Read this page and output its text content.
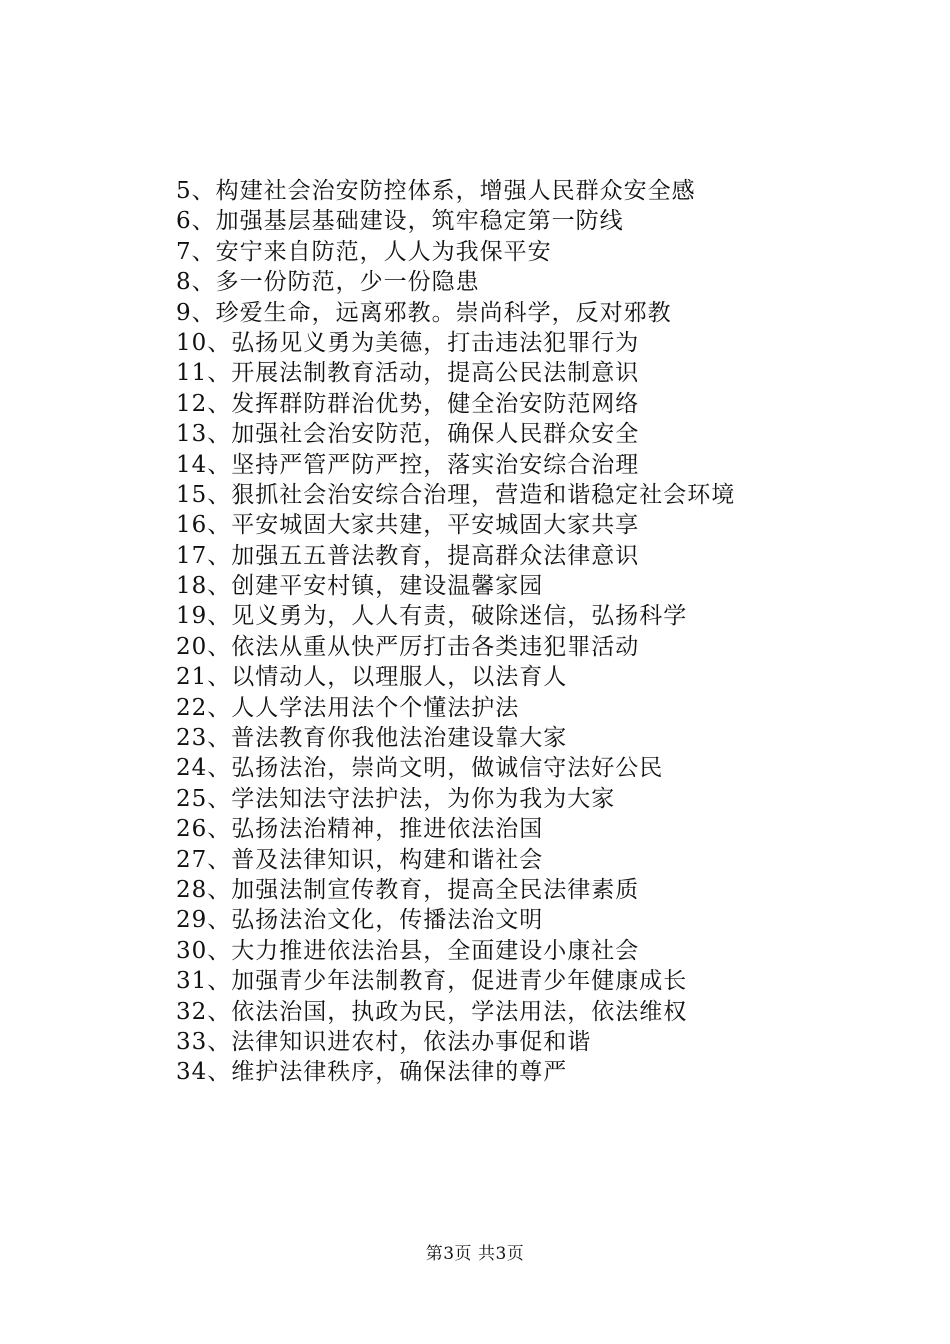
5、构建社会治安防控体系，增强人民群众安全感
6、加强基层基础建设，筑牢稳定第一防线
7、安宁来自防范，人人为我保平安
8、多一份防范，少一份隐患
9、珍爱生命，远离邪教。崇尚科学，反对邪教
10、弘扬见义勇为美德，打击违法犯罪行为
11、开展法制教育活动，提高公民法制意识
12、发挥群防群治优势，健全治安防范网络
13、加强社会治安防范，确保人民群众安全
14、坚持严管严防严控，落实治安综合治理
15、狠抓社会治安综合治理，营造和谐稳定社会环境
16、平安城固大家共建，平安城固大家共享
17、加强五五普法教育，提高群众法律意识
18、创建平安村镇，建设温馨家园
19、见义勇为，人人有责，破除迷信，弘扬科学
20、依法从重从快严厉打击各类违犯罪活动
21、以情动人，以理服人，以法育人
22、人人学法用法个个懂法护法
23、普法教育你我他法治建设靠大家
24、弘扬法治，崇尚文明，做诚信守法好公民
25、学法知法守法护法，为你为我为大家
26、弘扬法治精神，推进依法治国
27、普及法律知识，构建和谐社会
28、加强法制宣传教育，提高全民法律素质
29、弘扬法治文化，传播法治文明
30、大力推进依法治县，全面建设小康社会
31、加强青少年法制教育，促进青少年健康成长
32、依法治国，执政为民，学法用法，依法维权
33、法律知识进农村，依法办事促和谐
34、维护法律秩序，确保法律的尊严
第3页 共3页
